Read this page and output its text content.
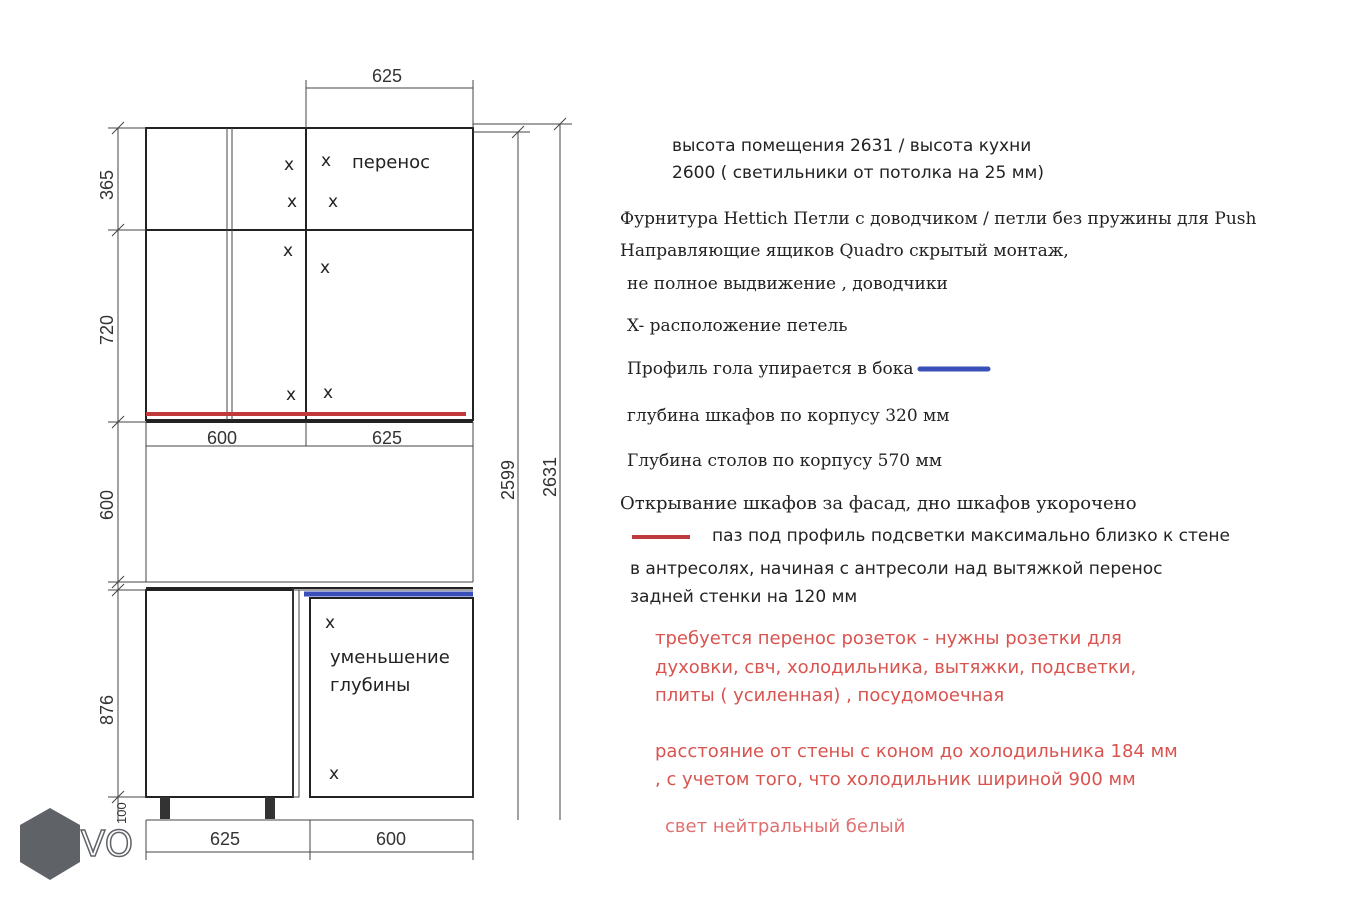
625
365
720
600	625
600
876
100
2599 2631
625	600
x x
x x
x
x
x x
x
x
перенос
уменьшение
глубины
EVO
высота помещения 2631 / высота кухни
2600 ( светильники от потолка на 25 мм)
Фурнитура Hettich Петли с доводчиком / петли без пружины для Push
Направляющие ящиков Quadro скрытый монтаж,
не полное выдвижение , доводчики
X- расположение петель
Профиль гола упирается в бока
глубина шкафов по корпусу 320 мм
Глубина столов по корпусу 570 мм
Открывание шкафов за фасад, дно шкафов укорочено
паз под профиль подсветки максимально близко к стене
в антресолях, начиная с антресоли над вытяжкой перенос
задней стенки на 120 мм
требуется перенос розеток - нужны розетки для
духовки, свч, холодильника, вытяжки, подсветки,
плиты ( усиленная) , посудомоечная
расстояние от стены с коном до холодильника 184 мм
, с учетом того, что холодильник шириной 900 мм
свет нейтральный белый
